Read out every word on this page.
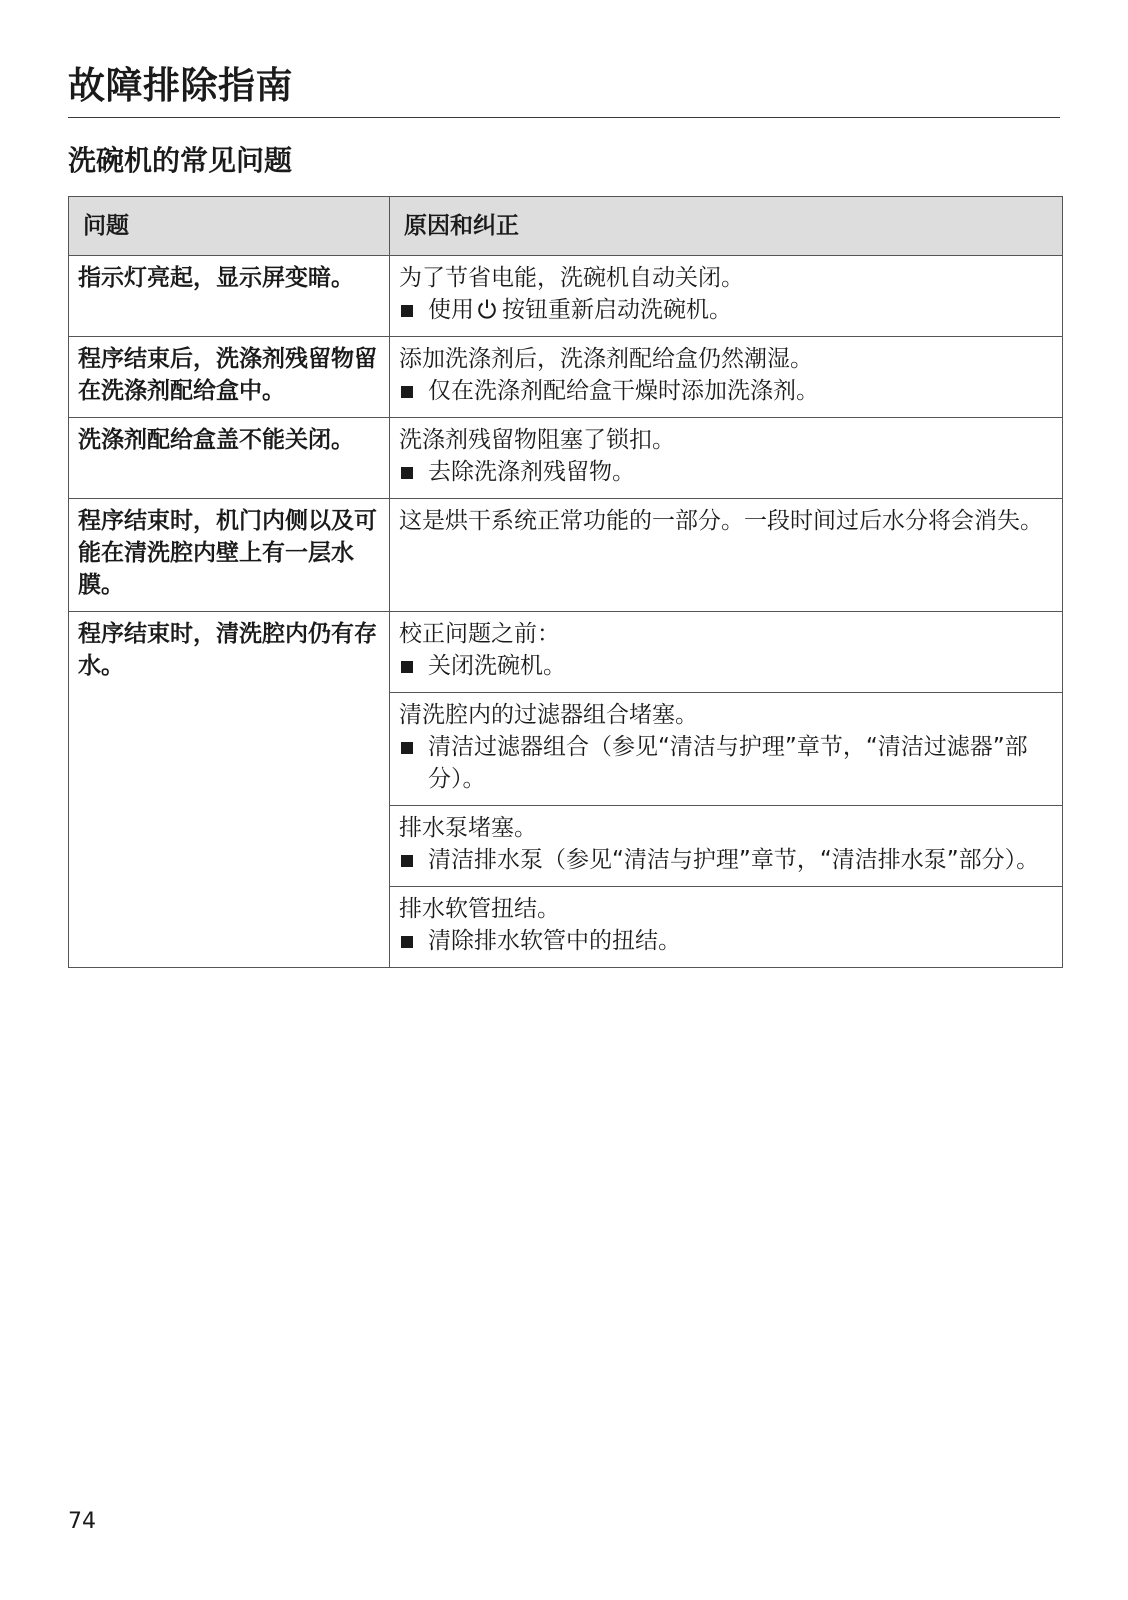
故障排除指南
洗碗机的常见问题
问题	原因和纠正
指示灯亮起，显示屏变暗。	为了节省电能，洗碗机自动关闭。
使用 按钮重新启动洗碗机。

程序结束后，洗涤剂残留物留在洗涤剂配给盒中。	添加洗涤剂后，洗涤剂配给盒仍然潮湿。
仅在洗涤剂配给盒干燥时添加洗涤剂。

洗涤剂配给盒盖不能关闭。	洗涤剂残留物阻塞了锁扣。
去除洗涤剂残留物。

程序结束时，机门内侧以及可能在清洗腔内壁上有一层水膜。	这是烘干系统正常功能的一部分。一段时间过后水分将会消失。

程序结束时，清洗腔内仍有存水。	校正问题之前：
关闭洗碗机。

	清洗腔内的过滤器组合堵塞。
清洁过滤器组合（参见“清洁与护理”章节，“清洁过滤器”部分）。

	排水泵堵塞。
清洁排水泵（参见“清洁与护理”章节，“清洁排水泵”部分）。

	排水软管扭结。
清除排水软管中的扭结。
74
